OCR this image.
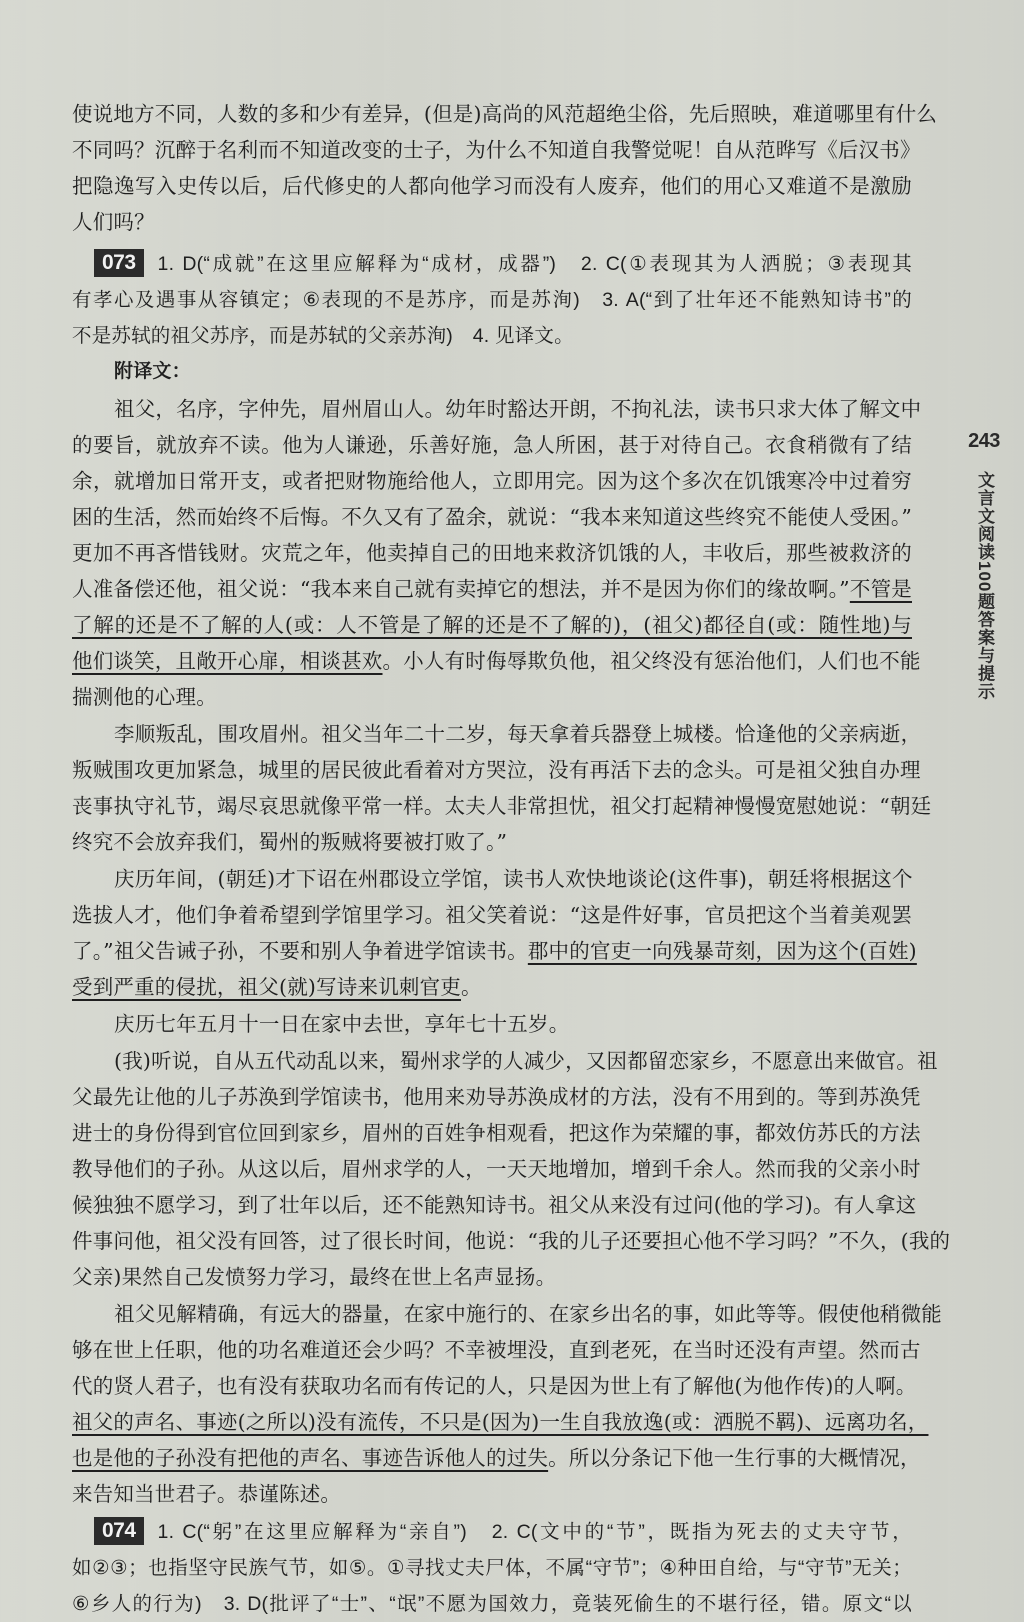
使说地方不同，人数的多和少有差异，(但是)高尚的风范超绝尘俗，先后照映，难道哪里有什么
不同吗？沉醉于名利而不知道改变的士子，为什么不知道自我警觉呢！自从范晔写《后汉书》
把隐逸写入史传以后，后代修史的人都向他学习而没有人废弃，他们的用心又难道不是激励
人们吗？
073 1. D(“成就”在这里应解释为“成材，成器”)　2. C(①表现其为人洒脱；③表现其
有孝心及遇事从容镇定；⑥表现的不是苏序，而是苏洵)　3. A(“到了壮年还不能熟知诗书”的
不是苏轼的祖父苏序，而是苏轼的父亲苏洵)　4. 见译文。
附译文：
祖父，名序，字仲先，眉州眉山人。幼年时豁达开朗，不拘礼法，读书只求大体了解文中
的要旨，就放弃不读。他为人谦逊，乐善好施，急人所困，甚于对待自己。衣食稍微有了结
余，就增加日常开支，或者把财物施给他人，立即用完。因为这个多次在饥饿寒冷中过着穷
困的生活，然而始终不后悔。不久又有了盈余，就说：“我本来知道这些终究不能使人受困。”
更加不再吝惜钱财。灾荒之年，他卖掉自己的田地来救济饥饿的人，丰收后，那些被救济的
人准备偿还他，祖父说：“我本来自己就有卖掉它的想法，并不是因为你们的缘故啊。”不管是
了解的还是不了解的人(或：人不管是了解的还是不了解的)，(祖父)都径自(或：随性地)与
他们谈笑，且敞开心扉，相谈甚欢。小人有时侮辱欺负他，祖父终没有惩治他们，人们也不能
揣测他的心理。
李顺叛乱，围攻眉州。祖父当年二十二岁，每天拿着兵器登上城楼。恰逢他的父亲病逝，
叛贼围攻更加紧急，城里的居民彼此看着对方哭泣，没有再活下去的念头。可是祖父独自办理
丧事执守礼节，竭尽哀思就像平常一样。太夫人非常担忧，祖父打起精神慢慢宽慰她说：“朝廷
终究不会放弃我们，蜀州的叛贼将要被打败了。”
庆历年间，(朝廷)才下诏在州郡设立学馆，读书人欢快地谈论(这件事)，朝廷将根据这个
选拔人才，他们争着希望到学馆里学习。祖父笑着说：“这是件好事，官员把这个当着美观罢
了。”祖父告诫子孙，不要和别人争着进学馆读书。郡中的官吏一向残暴苛刻，因为这个(百姓)
受到严重的侵扰，祖父(就)写诗来讥刺官吏。
庆历七年五月十一日在家中去世，享年七十五岁。
(我)听说，自从五代动乱以来，蜀州求学的人减少，又因都留恋家乡，不愿意出来做官。祖
父最先让他的儿子苏涣到学馆读书，他用来劝导苏涣成材的方法，没有不用到的。等到苏涣凭
进士的身份得到官位回到家乡，眉州的百姓争相观看，把这作为荣耀的事，都效仿苏氏的方法
教导他们的子孙。从这以后，眉州求学的人，一天天地增加，增到千余人。然而我的父亲小时
候独独不愿学习，到了壮年以后，还不能熟知诗书。祖父从来没有过问(他的学习)。有人拿这
件事问他，祖父没有回答，过了很长时间，他说：“我的儿子还要担心他不学习吗？”不久，(我的
父亲)果然自己发愤努力学习，最终在世上名声显扬。
祖父见解精确，有远大的器量，在家中施行的、在家乡出名的事，如此等等。假使他稍微能
够在世上任职，他的功名难道还会少吗？不幸被埋没，直到老死，在当时还没有声望。然而古
代的贤人君子，也有没有获取功名而有传记的人，只是因为世上有了解他(为他作传)的人啊。
祖父的声名、事迹(之所以)没有流传，不只是(因为)一生自我放逸(或：洒脱不羁)、远离功名，
也是他的子孙没有把他的声名、事迹告诉他人的过失。所以分条记下他一生行事的大概情况，
来告知当世君子。恭谨陈述。
074 1. C(“躬”在这里应解释为“亲自”)　2. C(文中的“节”，既指为死去的丈夫守节，
如②③；也指坚守民族气节，如⑤。①寻找丈夫尸体，不属“守节”；④种田自给，与“守节”无关；
⑥乡人的行为)　3. D(批评了“士”、“氓”不愿为国效力，竟装死偷生的不堪行径，错。原文“以
243
文言文阅读100题答案与提示
